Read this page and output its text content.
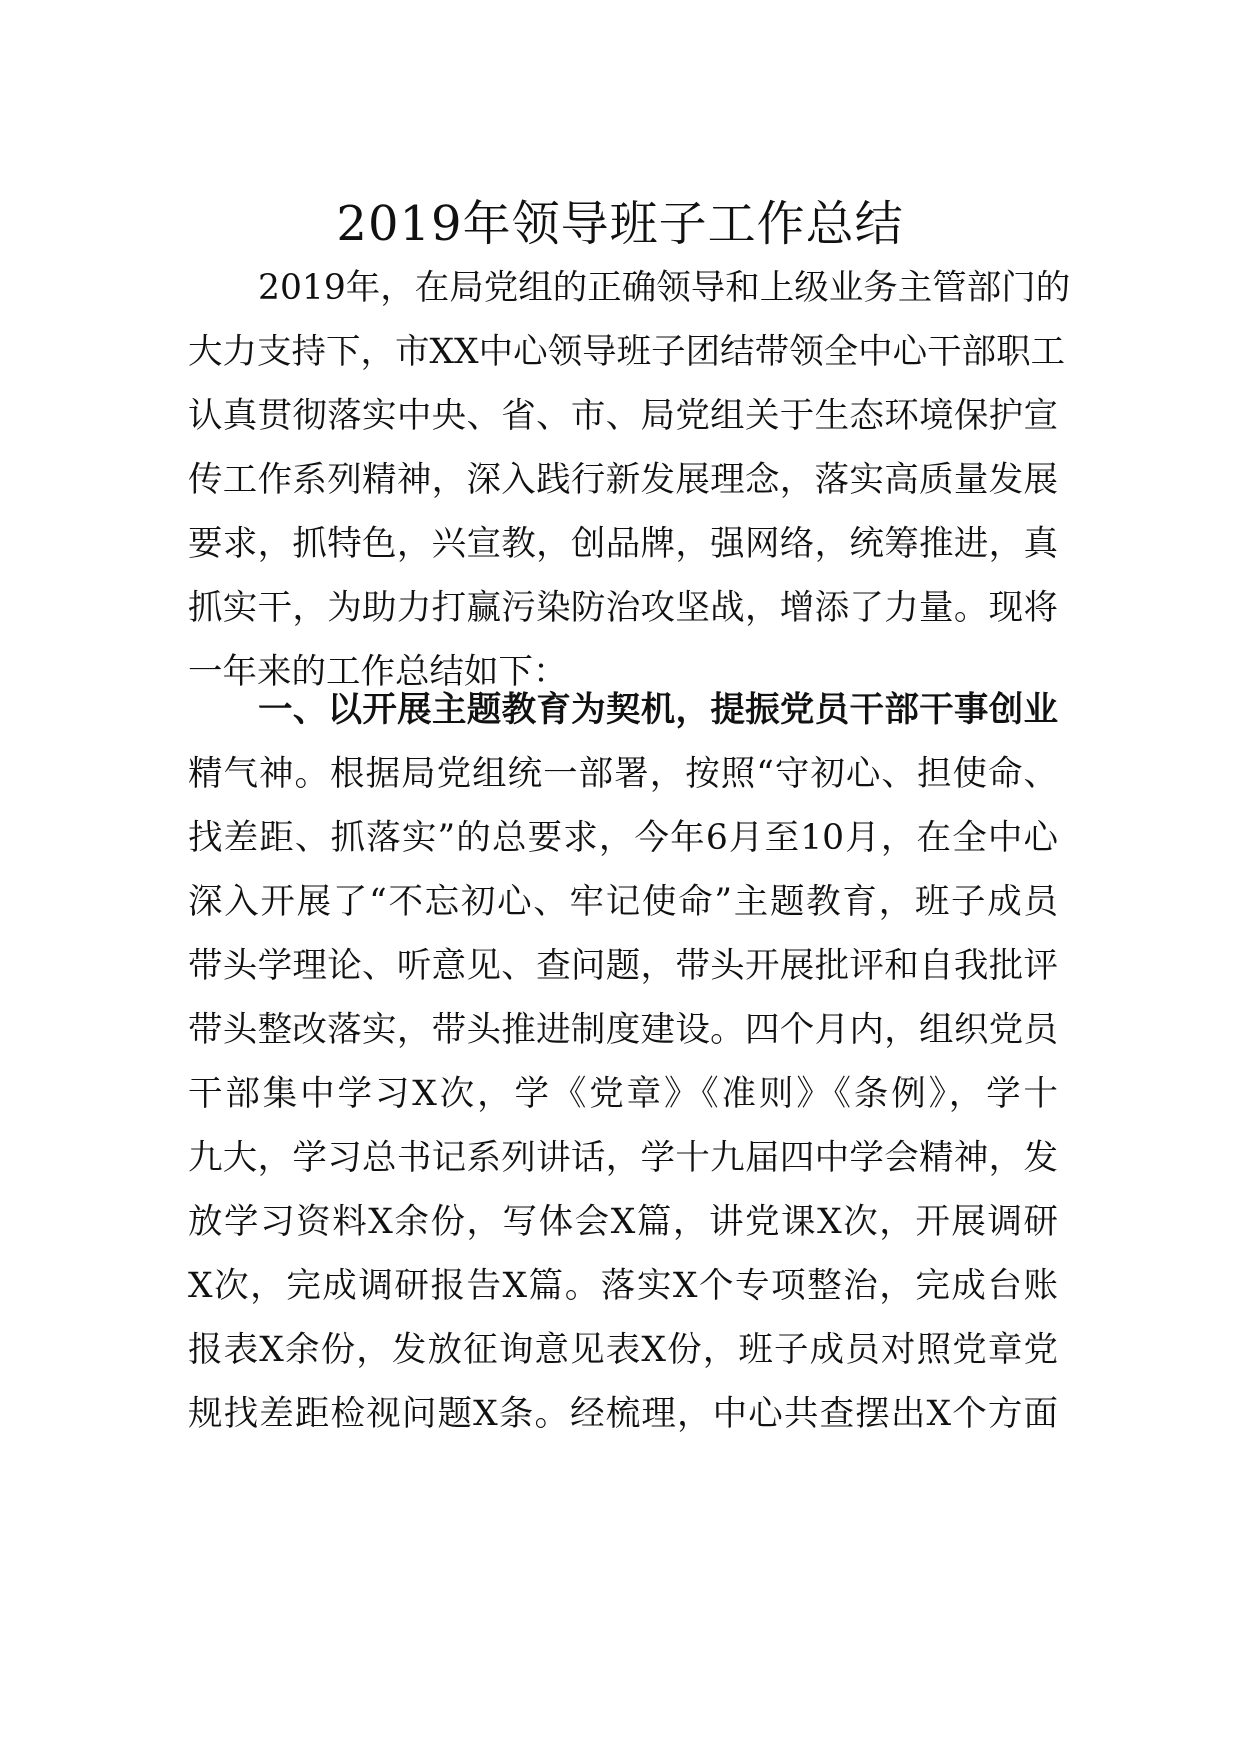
2019年领导班子工作总结
2019年，在局党组的正确领导和上级业务主管部门的
大力支持下，市XX中心领导班子团结带领全中心干部职工
认真贯彻落实中央、省、市、局党组关于生态环境保护宣
传工作系列精神，深入践行新发展理念，落实高质量发展
要求，抓特色，兴宣教，创品牌，强网络，统筹推进，真
抓实干，为助力打赢污染防治攻坚战，增添了力量。现将
一年来的工作总结如下：
一、以开展主题教育为契机，提振党员干部干事创业
精气神。根据局党组统一部署，按照“守初心、担使命、
找差距、抓落实”的总要求，今年6月至10月，在全中心
深入开展了“不忘初心、牢记使命”主题教育，班子成员
带头学理论、听意见、查问题，带头开展批评和自我批评
带头整改落实，带头推进制度建设。四个月内，组织党员
干部集中学习X次，学《党章》《准则》《条例》，学十
九大，学习总书记系列讲话，学十九届四中学会精神，发
放学习资料X余份，写体会X篇，讲党课X次，开展调研
X次，完成调研报告X篇。落实X个专项整治，完成台账
报表X余份，发放征询意见表X份，班子成员对照党章党
规找差距检视问题X条。经梳理，中心共查摆出X个方面
